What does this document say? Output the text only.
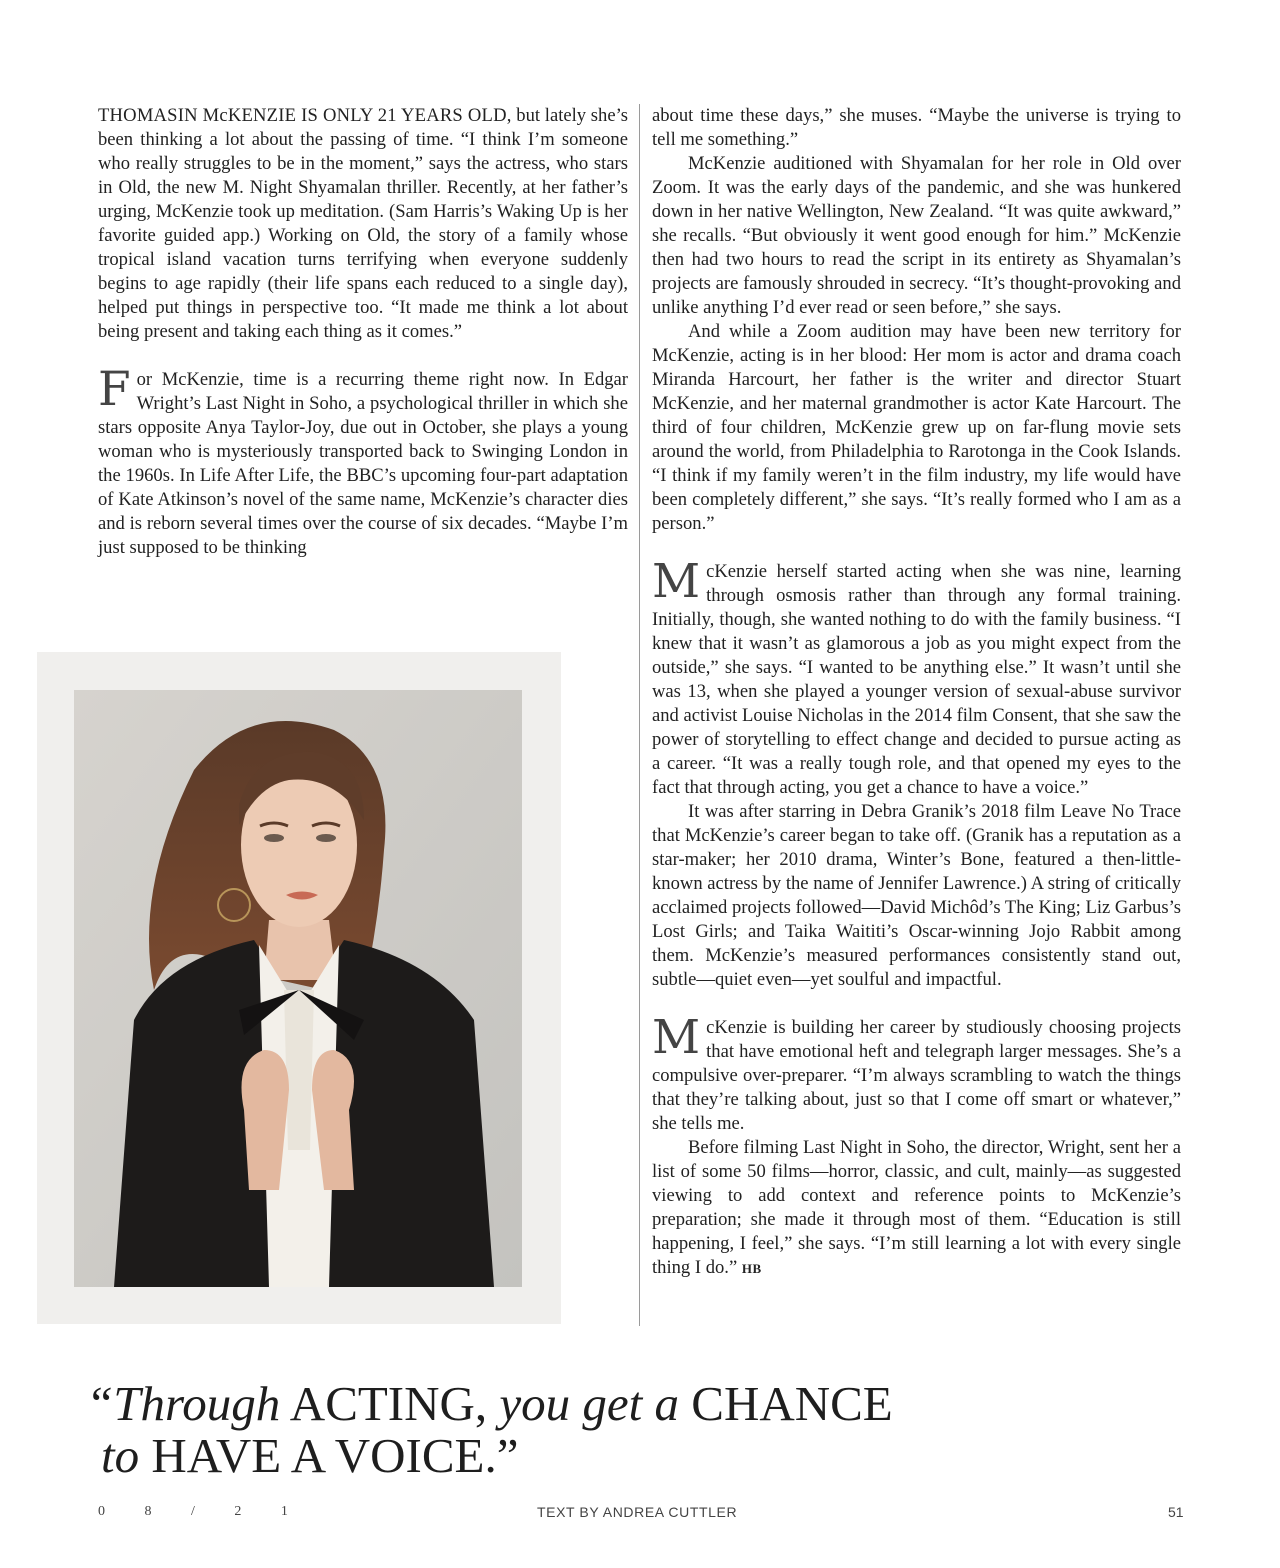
THOMASIN McKENZIE IS ONLY 21 YEARS OLD, but lately she’s been thinking a lot about the passing of time. “I think I’m someone who really struggles to be in the moment,” says the actress, who stars in Old, the new M. Night Shyamalan thriller. Recently, at her father’s urging, McKenzie took up meditation. (Sam Harris’s Waking Up is her favorite guided app.) Working on Old, the story of a family whose tropical island vacation turns terrifying when everyone suddenly begins to age rapidly (their life spans each reduced to a single day), helped put things in perspective too. “It made me think a lot about being present and taking each thing as it comes.”

For McKenzie, time is a recurring theme right now. In Edgar Wright’s Last Night in Soho, a psychological thriller in which she stars opposite Anya Taylor-Joy, due out in October, she plays a young woman who is mysteriously transported back to Swinging London in the 1960s. In Life After Life, the BBC’s upcoming four-part adaptation of Kate Atkinson’s novel of the same name, McKenzie’s character dies and is reborn several times over the course of six decades. “Maybe I’m just supposed to be thinking

about time these days,” she muses. “Maybe the universe is trying to tell me something.”

McKenzie auditioned with Shyamalan for her role in Old over Zoom. It was the early days of the pandemic, and she was hunkered down in her native Wellington, New Zealand. “It was quite awkward,” she recalls. “But obviously it went good enough for him.” McKenzie then had two hours to read the script in its entirety as Shyamalan’s projects are famously shrouded in secrecy. “It’s thought-provoking and unlike anything I’d ever read or seen before,” she says.

And while a Zoom audition may have been new territory for McKenzie, acting is in her blood: Her mom is actor and drama coach Miranda Harcourt, her father is the writer and director Stuart McKenzie, and her maternal grandmother is actor Kate Harcourt. The third of four children, McKenzie grew up on far-flung movie sets around the world, from Philadelphia to Rarotonga in the Cook Islands. “I think if my family weren’t in the film industry, my life would have been completely different,” she says. “It’s really formed who I am as a person.”

McKenzie herself started acting when she was nine, learning through osmosis rather than through any formal training. Initially, though, she wanted nothing to do with the family business. “I knew that it wasn’t as glamorous a job as you might expect from the outside,” she says. “I wanted to be anything else.” It wasn’t until she was 13, when she played a younger version of sexual-abuse survivor and activist Louise Nicholas in the 2014 film Consent, that she saw the power of storytelling to effect change and decided to pursue acting as a career. “It was a really tough role, and that opened my eyes to the fact that through acting, you get a chance to have a voice.”

It was after starring in Debra Granik’s 2018 film Leave No Trace that McKenzie’s career began to take off. (Granik has a reputation as a star-maker; her 2010 drama, Winter’s Bone, featured a then-little-known actress by the name of Jennifer Lawrence.) A string of critically acclaimed projects followed—David Michôd’s The King; Liz Garbus’s Lost Girls; and Taika Waititi’s Oscar-winning Jojo Rabbit among them. McKenzie’s measured performances consistently stand out, subtle—quiet even—yet soulful and impactful.

McKenzie is building her career by studiously choosing projects that have emotional heft and telegraph larger messages. She’s a compulsive over-preparer. “I’m always scrambling to watch the things that they’re talking about, just so that I come off smart or whatever,” she tells me.

Before filming Last Night in Soho, the director, Wright, sent her a list of some 50 films—horror, classic, and cult, mainly—as suggested viewing to add context and reference points to McKenzie’s preparation; she made it through most of them. “Education is still happening, I feel,” she says. “I’m still learning a lot with every single thing I do.” HB

“Through ACTING, you get a CHANCE
to HAVE A VOICE.”
0 8 / 2 1	TEXT BY ANDREA CUTTLER	51
